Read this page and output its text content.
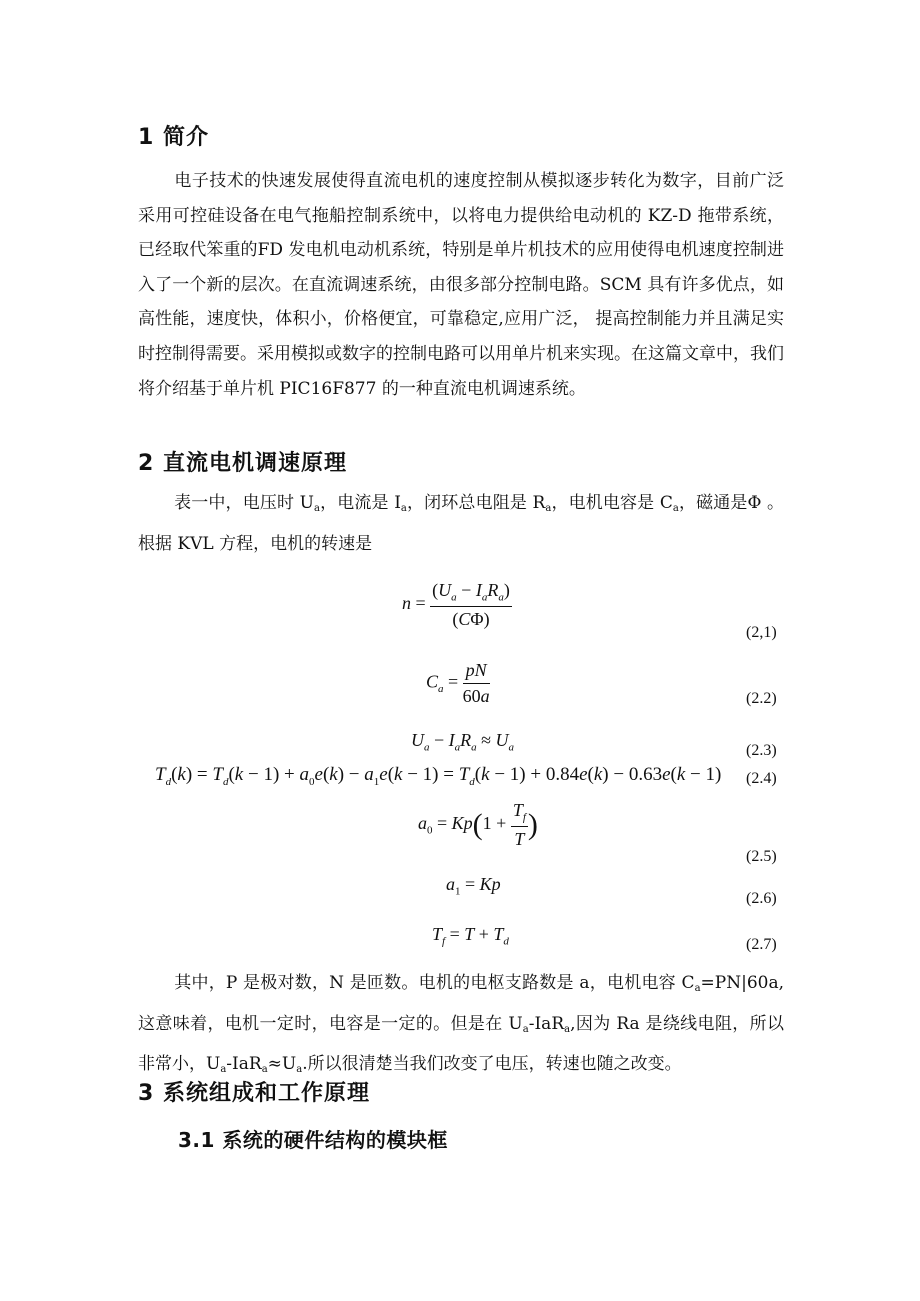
1 简介
电子技术的快速发展使得直流电机的速度控制从模拟逐步转化为数字，目前广泛采用可控硅设备在电气拖船控制系统中，以将电力提供给电动机的 KZ-D 拖带系统，已经取代笨重的FD 发电机电动机系统，特别是单片机技术的应用使得电机速度控制进入了一个新的层次。在直流调速系统，由很多部分控制电路。SCM 具有许多优点，如高性能，速度快，体积小，价格便宜，可靠稳定,应用广泛， 提高控制能力并且满足实时控制得需要。采用模拟或数字的控制电路可以用单片机来实现。在这篇文章中，我们将介绍基于单片机 PIC16F877 的一种直流电机调速系统。
2 直流电机调速原理
表一中，电压时 $U_a$，电流是 $I_a$，闭环总电阻是 $R_a$，电机电容是 $C_a$，磁通是Φ 。根据 KVL 方程，电机的转速是
$n = \frac{(U_a - I_aR_a)}{(C\Phi)}$
(2,1)
$C_a = \frac{pN}{60a}$	(2.2)
$U_a - I_aR_a \approx U_a$	(2.3)
$T_d(k) = T_d(k - 1) + a_0e(k) - a_1e(k - 1) = T_d(k - 1) + 0.84e(k) - 0.63e(k - 1)$ (2.4)
$a_0 = Kp(1 + \frac{T_f}{T}$ )
(2.5)
$a_1 = Kp$
(2.6)
$T_f = T + T_d$	(2.7)
其中，P 是极对数，N 是匝数。电机的电枢支路数是 a，电机电容 $C_a=PN|60a$,这意味着，电机一定时，电容是一定的。但是在 $U_a-IaR_a$,因为 Ra 是绕线电阻，所以非常小，$U_a-IaR_a\approx U_a$.所以很清楚当我们改变了电压，转速也随之改变。
3 系统组成和工作原理
3.1 系统的硬件结构的模块框
